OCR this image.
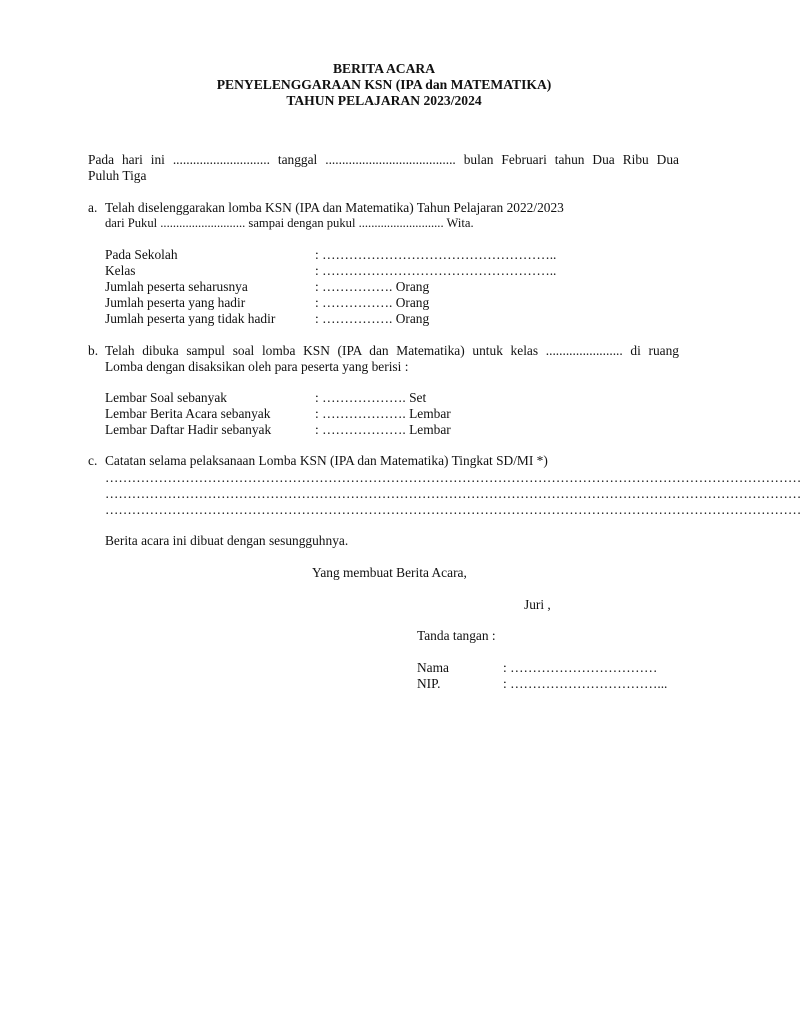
BERITA ACARA
PENYELENGGARAAN KSN (IPA dan MATEMATIKA)
TAHUN PELAJARAN 2023/2024
Pada hari ini ............................. tanggal ....................................... bulan Februari tahun Dua Ribu Dua
Puluh Tiga
a. Telah diselenggarakan lomba KSN (IPA dan Matematika) Tahun Pelajaran 2022/2023
dari Pukul ........................... sampai dengan pukul ........................... Wita.
Pada Sekolah	: ……………………………………………..
Kelas	: ……………………………………………..
Jumlah peserta seharusnya	: ……………. Orang
Jumlah peserta yang hadir	: ……………. Orang
Jumlah peserta yang tidak hadir	: ……………. Orang
b. Telah dibuka sampul soal lomba KSN (IPA dan Matematika) untuk kelas ....................... di ruang
Lomba dengan disaksikan oleh para peserta yang berisi :
Lembar Soal sebanyak	: ………………. Set
Lembar Berita Acara sebanyak	: ………………. Lembar
Lembar Daftar Hadir sebanyak	: ………………. Lembar
c. Catatan selama pelaksanaan Lomba KSN (IPA dan Matematika) Tingkat SD/MI *)
…………………………………………………………………………………………………………………………………………
…………………………………………………………………………………………………………………………………………
…………………………………………………………………………………………………………………………………………
Berita acara ini dibuat dengan sesungguhnya.
Yang membuat Berita Acara,
Juri ,
Tanda tangan :
Nama	: ……………………………
NIP.	: ……………………………...
